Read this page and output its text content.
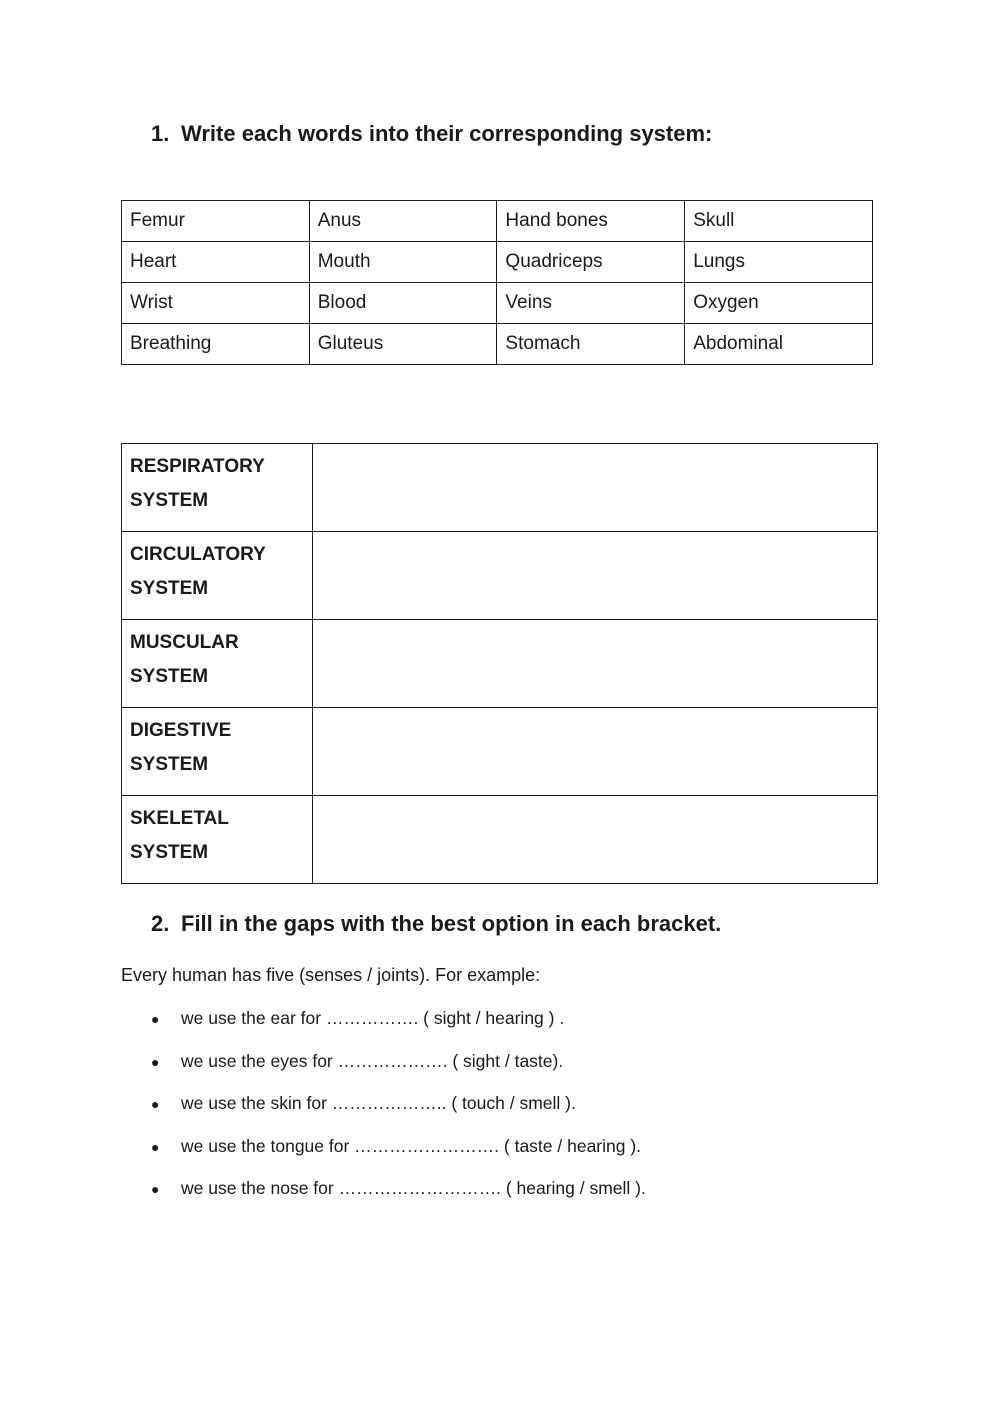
1. Write each words into their corresponding system:
Femur	Anus	Hand bones	Skull
Heart	Mouth	Quadriceps	Lungs
Wrist	Blood	Veins	Oxygen
Breathing	Gluteus	Stomach	Abdominal
RESPIRATORY
SYSTEM	
CIRCULATORY
SYSTEM	
MUSCULAR
SYSTEM	
DIGESTIVE
SYSTEM	
SKELETAL
SYSTEM	
2. Fill in the gaps with the best option in each bracket.

Every human has five (senses / joints). For example:

● we use the ear for ……………. ( sight / hearing ) .
● we use the eyes for ………………. ( sight / taste).
● we use the skin for ……………….. ( touch / smell ).
● we use the tongue for ……………………. ( taste / hearing ).
● we use the nose for ………………………. ( hearing / smell ).
